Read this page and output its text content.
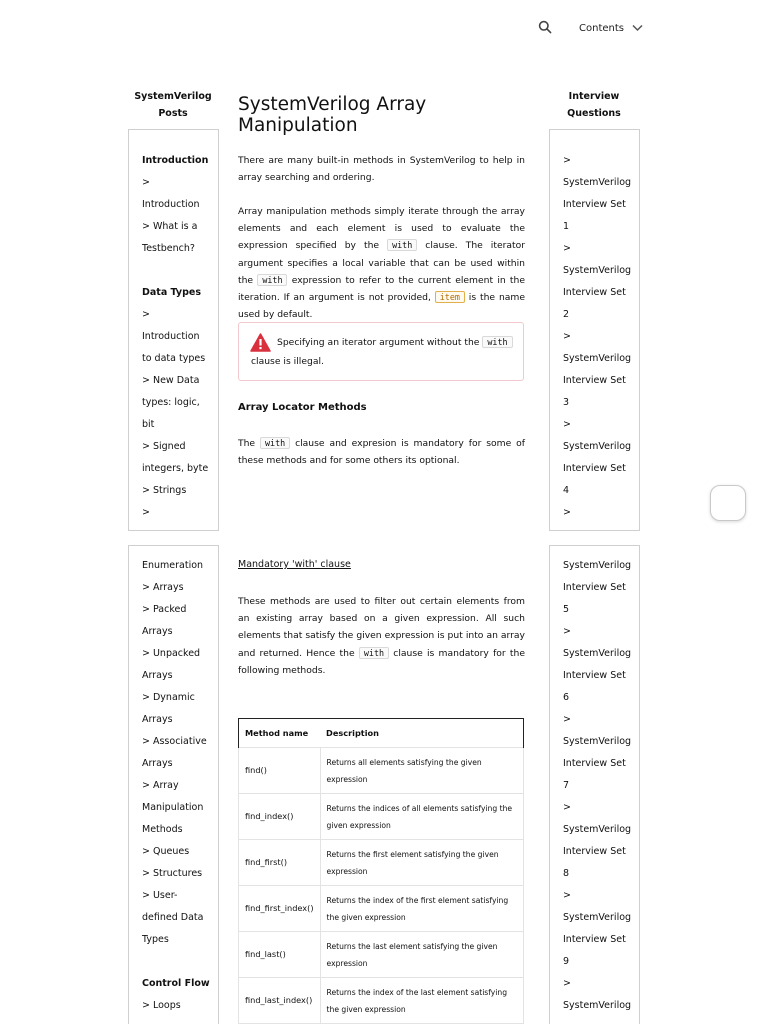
Contents
SystemVerilog
Posts
Introduction
>
Introduction
> What is a
Testbench?
Data Types
>
Introduction
to data types
> New Data
types: logic,
bit
> Signed
integers, byte
> Strings
>
Enumeration
> Arrays
> Packed
Arrays
> Unpacked
Arrays
> Dynamic
Arrays
> Associative
Arrays
> Array
Manipulation
Methods
> Queues
> Structures
> User-
defined Data
Types
Control Flow
> Loops
Interview
Questions
>
SystemVerilog
Interview Set
1
>
SystemVerilog
Interview Set
2
>
SystemVerilog
Interview Set
3
>
SystemVerilog
Interview Set
4
>
SystemVerilog
Interview Set
5
>
SystemVerilog
Interview Set
6
>
SystemVerilog
Interview Set
7
>
SystemVerilog
Interview Set
8
>
SystemVerilog
Interview Set
9
>
SystemVerilog
SystemVerilog Array Manipulation

There are many built-in methods in SystemVerilog to help in array searching and ordering.

Array manipulation methods simply iterate through the array elements and each element is used to evaluate the expression specified by the with clause. The iterator argument specifies a local variable that can be used within the with expression to refer to the current element in the iteration. If an argument is not provided, item is the name used by default.

Specifying an iterator argument without the with clause is illegal.
Array Locator Methods

The with clause and expresion is mandatory for some of these methods and for some others its optional.

Mandatory 'with' clause

These methods are used to filter out certain elements from an existing array based on a given expression. All such elements that satisfy the given expression is put into an array and returned. Hence the with clause is mandatory for the following methods.

Method name	Description
find()	Returns all elements satisfying the given expression
find_index()	Returns the indices of all elements satisfying the given expression
find_first()	Returns the first element satisfying the given expression
find_first_index()	Returns the index of the first element satisfying the given expression
find_last()	Returns the last element satisfying the given expression
find_last_index()	Returns the index of the last element satisfying the given expression
